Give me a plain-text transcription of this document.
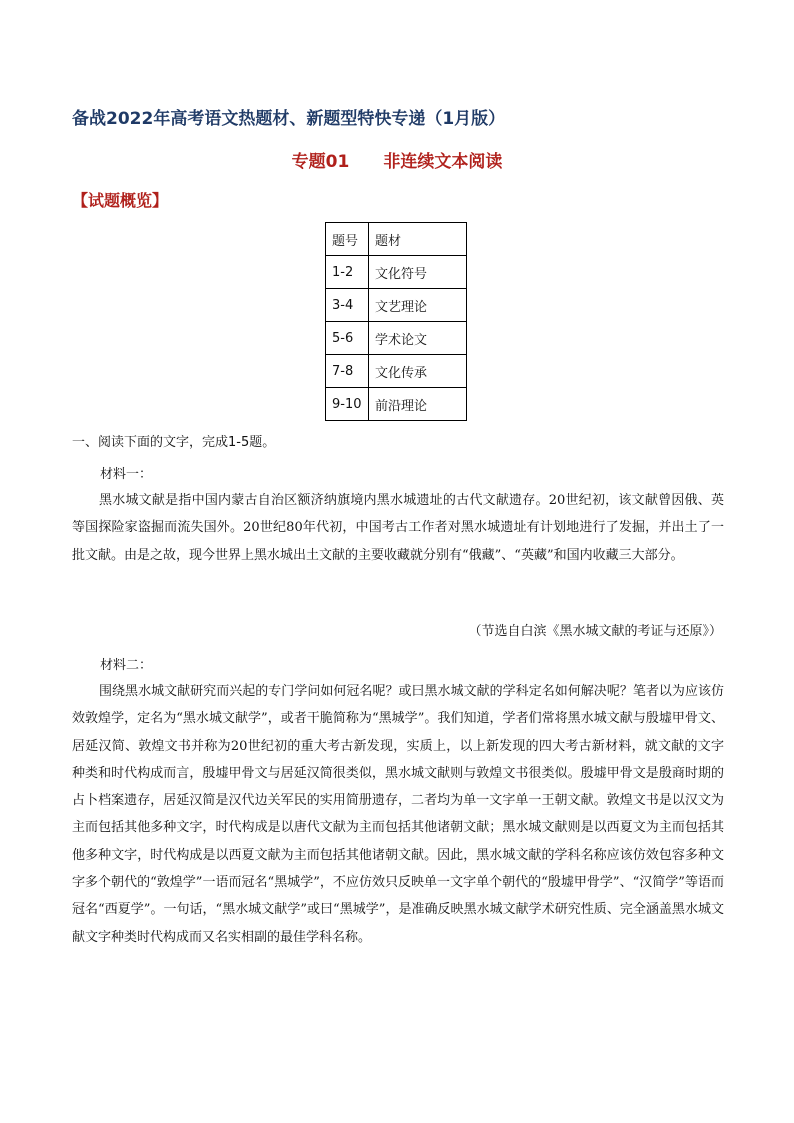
备战2022年高考语文热题材、新题型特快专递（1月版）
专题01 非连续文本阅读
【试题概览】
题号	题材
1-2	文化符号
3-4	文艺理论
5-6	学术论文
7-8	文化传承
9-10	前沿理论
一、阅读下面的文字，完成1-5题。
材料一：

黑水城文献是指中国内蒙古自治区额济纳旗境内黑水城遗址的古代文献遗存。20世纪初，该文献曾因俄、英等国探险家盗掘而流失国外。20世纪80年代初，中国考古工作者对黑水城遗址有计划地进行了发掘，并出土了一批文献。由是之故，现今世界上黑水城出土文献的主要收藏就分别有“俄藏”、“英藏”和国内收藏三大部分。

（节选自白滨《黑水城文献的考证与还原》）
材料二：

围绕黑水城文献研究而兴起的专门学问如何冠名呢？或曰黑水城文献的学科定名如何解决呢？笔者以为应该仿效敦煌学，定名为“黑水城文献学”，或者干脆简称为“黑城学”。我们知道，学者们常将黑水城文献与殷墟甲骨文、居延汉简、敦煌文书并称为20世纪初的重大考古新发现，实质上，以上新发现的四大考古新材料，就文献的文字种类和时代构成而言，殷墟甲骨文与居延汉简很类似，黑水城文献则与敦煌文书很类似。殷墟甲骨文是殷商时期的占卜档案遗存，居延汉简是汉代边关军民的实用简册遗存，二者均为单一文字单一王朝文献。敦煌文书是以汉文为主而包括其他多种文字，时代构成是以唐代文献为主而包括其他诸朝文献；黑水城文献则是以西夏文为主而包括其他多种文字，时代构成是以西夏文献为主而包括其他诸朝文献。因此，黑水城文献的学科名称应该仿效包容多种文字多个朝代的“敦煌学”一语而冠名“黑城学”，不应仿效只反映单一文字单个朝代的“殷墟甲骨学”、“汉简学”等语而冠名“西夏学”。一句话，“黑水城文献学”或曰“黑城学”，是准确反映黑水城文献学术研究性质、完全涵盖黑水城文献文字种类时代构成而又名实相副的最佳学科名称。
